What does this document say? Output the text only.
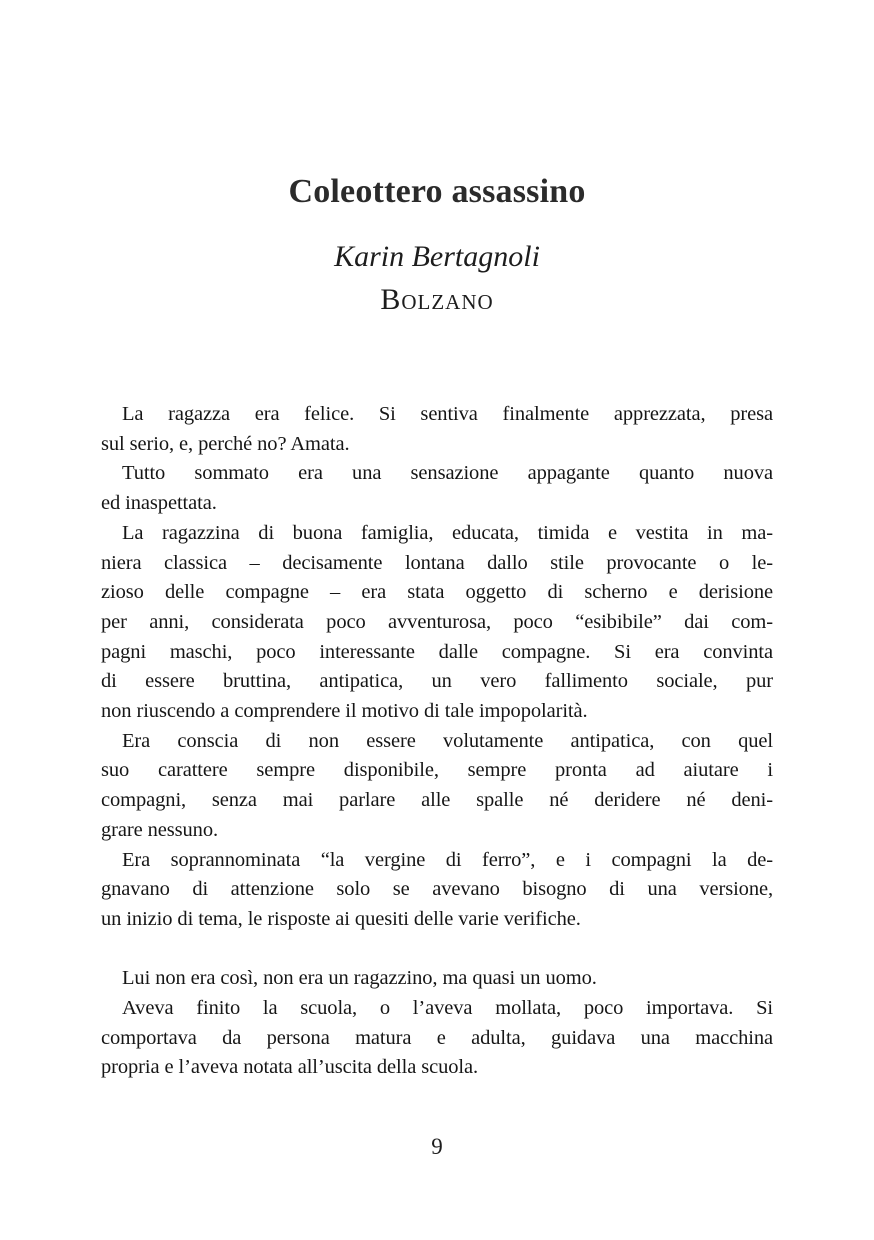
Coleottero assassino
Karin Bertagnoli
Bolzano

La ragazza era felice. Si sentiva finalmente apprezzata, presa
sul serio, e, perché no? Amata.

Tutto sommato era una sensazione appagante quanto nuova
ed inaspettata.

La ragazzina di buona famiglia, educata, timida e vestita in ma-
niera classica – decisamente lontana dallo stile provocante o le-
zioso delle compagne – era stata oggetto di scherno e derisione
per anni, considerata poco avventurosa, poco “esibibile” dai com-
pagni maschi, poco interessante dalle compagne. Si era convinta
di essere bruttina, antipatica, un vero fallimento sociale, pur
non riuscendo a comprendere il motivo di tale impopolarità.

Era conscia di non essere volutamente antipatica, con quel
suo carattere sempre disponibile, sempre pronta ad aiutare i
compagni, senza mai parlare alle spalle né deridere né deni-
grare nessuno.

Era soprannominata “la vergine di ferro”, e i compagni la de-
gnavano di attenzione solo se avevano bisogno di una versione,
un inizio di tema, le risposte ai quesiti delle varie verifiche.

Lui non era così, non era un ragazzino, ma quasi un uomo.

Aveva finito la scuola, o l’aveva mollata, poco importava. Si
comportava da persona matura e adulta, guidava una macchina
propria e l’aveva notata all’uscita della scuola.

9
